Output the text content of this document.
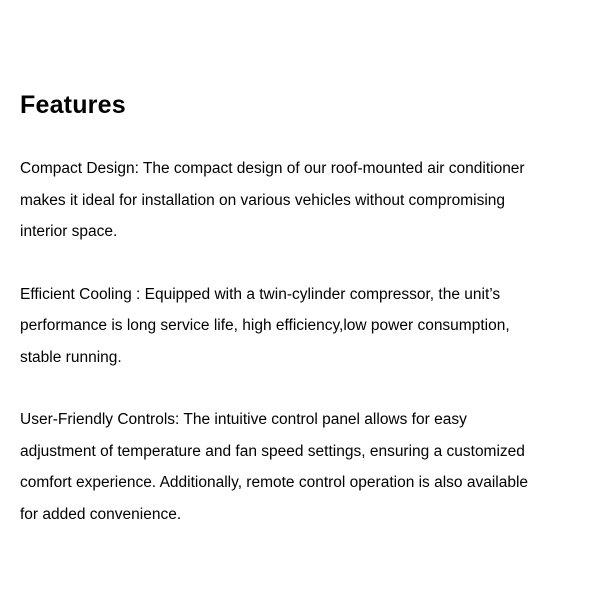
Features

Compact Design: The compact design of our roof-mounted air conditioner
makes it ideal for installation on various vehicles without compromising
interior space.

Efficient Cooling : Equipped with a twin-cylinder compressor, the unit’s
performance is long service life, high efficiency,low power consumption,
stable running.

User-Friendly Controls: The intuitive control panel allows for easy
adjustment of temperature and fan speed settings, ensuring a customized
comfort experience. Additionally, remote control operation is also available
for added convenience.
